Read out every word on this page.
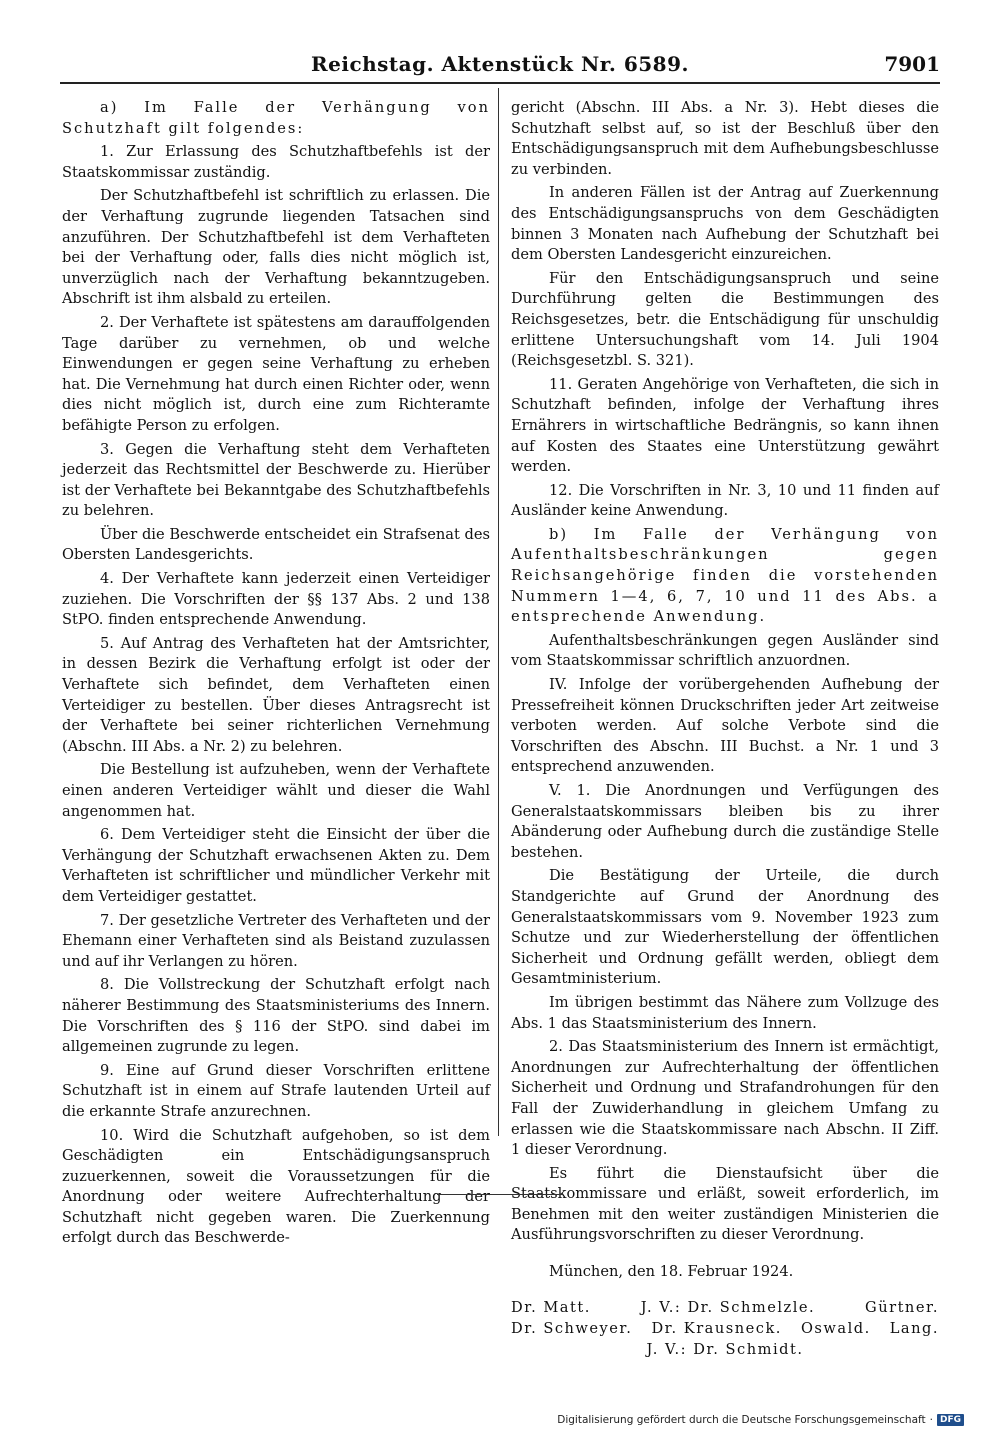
Reichstag. Aktenstück Nr. 6589.	7901

a) Im Falle der Verhängung von Schutzhaft gilt folgendes:

1. Zur Erlassung des Schutzhaftbefehls ist der Staatskommissar zuständig.

Der Schutzhaftbefehl ist schriftlich zu erlassen. Die der Verhaftung zugrunde liegenden Tatsachen sind anzuführen. Der Schutzhaftbefehl ist dem Verhafteten bei der Verhaftung oder, falls dies nicht möglich ist, unverzüglich nach der Verhaftung bekanntzugeben. Abschrift ist ihm alsbald zu erteilen.

2. Der Verhaftete ist spätestens am darauffolgenden Tage darüber zu vernehmen, ob und welche Einwendungen er gegen seine Verhaftung zu erheben hat. Die Vernehmung hat durch einen Richter oder, wenn dies nicht möglich ist, durch eine zum Richteramte befähigte Person zu erfolgen.

3. Gegen die Verhaftung steht dem Verhafteten jederzeit das Rechtsmittel der Beschwerde zu. Hierüber ist der Verhaftete bei Bekanntgabe des Schutzhaftbefehls zu belehren.

Über die Beschwerde entscheidet ein Strafsenat des Obersten Landesgerichts.

4. Der Verhaftete kann jederzeit einen Verteidiger zuziehen. Die Vorschriften der §§ 137 Abs. 2 und 138 StPO. finden entsprechende Anwendung.

5. Auf Antrag des Verhafteten hat der Amtsrichter, in dessen Bezirk die Verhaftung erfolgt ist oder der Verhaftete sich befindet, dem Verhafteten einen Verteidiger zu bestellen. Über dieses Antragsrecht ist der Verhaftete bei seiner richterlichen Vernehmung (Abschn. III Abs. a Nr. 2) zu belehren.

Die Bestellung ist aufzuheben, wenn der Verhaftete einen anderen Verteidiger wählt und dieser die Wahl angenommen hat.

6. Dem Verteidiger steht die Einsicht der über die Verhängung der Schutzhaft erwachsenen Akten zu. Dem Verhafteten ist schriftlicher und mündlicher Verkehr mit dem Verteidiger gestattet.

7. Der gesetzliche Vertreter des Verhafteten und der Ehemann einer Verhafteten sind als Beistand zuzulassen und auf ihr Verlangen zu hören.

8. Die Vollstreckung der Schutzhaft erfolgt nach näherer Bestimmung des Staatsministeriums des Innern. Die Vorschriften des § 116 der StPO. sind dabei im allgemeinen zugrunde zu legen.

9. Eine auf Grund dieser Vorschriften erlittene Schutzhaft ist in einem auf Strafe lautenden Urteil auf die erkannte Strafe anzurechnen.

10. Wird die Schutzhaft aufgehoben, so ist dem Geschädigten ein Entschädigungsanspruch zuzuerkennen, soweit die Voraussetzungen für die Anordnung oder weitere Aufrechterhaltung der Schutzhaft nicht gegeben waren. Die Zuerkennung erfolgt durch das Beschwerde-

gericht (Abschn. III Abs. a Nr. 3). Hebt dieses die Schutzhaft selbst auf, so ist der Beschluß über den Entschädigungsanspruch mit dem Aufhebungsbeschlusse zu verbinden.

In anderen Fällen ist der Antrag auf Zuerkennung des Entschädigungsanspruchs von dem Geschädigten binnen 3 Monaten nach Aufhebung der Schutzhaft bei dem Obersten Landesgericht einzureichen.

Für den Entschädigungsanspruch und seine Durchführung gelten die Bestimmungen des Reichsgesetzes, betr. die Entschädigung für unschuldig erlittene Untersuchungshaft vom 14. Juli 1904 (Reichsgesetzbl. S. 321).

11. Geraten Angehörige von Verhafteten, die sich in Schutzhaft befinden, infolge der Verhaftung ihres Ernährers in wirtschaftliche Bedrängnis, so kann ihnen auf Kosten des Staates eine Unterstützung gewährt werden.

12. Die Vorschriften in Nr. 3, 10 und 11 finden auf Ausländer keine Anwendung.

b) Im Falle der Verhängung von Aufenthaltsbeschränkungen gegen Reichsangehörige finden die vorstehenden Nummern 1—4, 6, 7, 10 und 11 des Abs. a entsprechende Anwendung.

Aufenthaltsbeschränkungen gegen Ausländer sind vom Staatskommissar schriftlich anzuordnen.

IV. Infolge der vorübergehenden Aufhebung der Pressefreiheit können Druckschriften jeder Art zeitweise verboten werden. Auf solche Verbote sind die Vorschriften des Abschn. III Buchst. a Nr. 1 und 3 entsprechend anzuwenden.

V. 1. Die Anordnungen und Verfügungen des Generalstaatskommissars bleiben bis zu ihrer Abänderung oder Aufhebung durch die zuständige Stelle bestehen.

Die Bestätigung der Urteile, die durch Standgerichte auf Grund der Anordnung des Generalstaatskommissars vom 9. November 1923 zum Schutze und zur Wiederherstellung der öffentlichen Sicherheit und Ordnung gefällt werden, obliegt dem Gesamtministerium.

Im übrigen bestimmt das Nähere zum Vollzuge des Abs. 1 das Staatsministerium des Innern.

2. Das Staatsministerium des Innern ist ermächtigt, Anordnungen zur Aufrechterhaltung der öffentlichen Sicherheit und Ordnung und Strafandrohungen für den Fall der Zuwiderhandlung in gleichem Umfang zu erlassen wie die Staatskommissare nach Abschn. II Ziff. 1 dieser Verordnung.

Es führt die Dienstaufsicht über die Staatskommissare und erläßt, soweit erforderlich, im Benehmen mit den weiter zuständigen Ministerien die Ausführungsvorschriften zu dieser Verordnung.

München, den 18. Februar 1924.

Dr. Matt.	J. V.: Dr. Schmelzle.	Gürtner.
Dr. Schweyer. Dr. Krausneck. Oswald. Lang.
J. V.: Dr. Schmidt.
Digitalisierung gefördert durch die Deutsche Forschungsgemeinschaft · DFG
